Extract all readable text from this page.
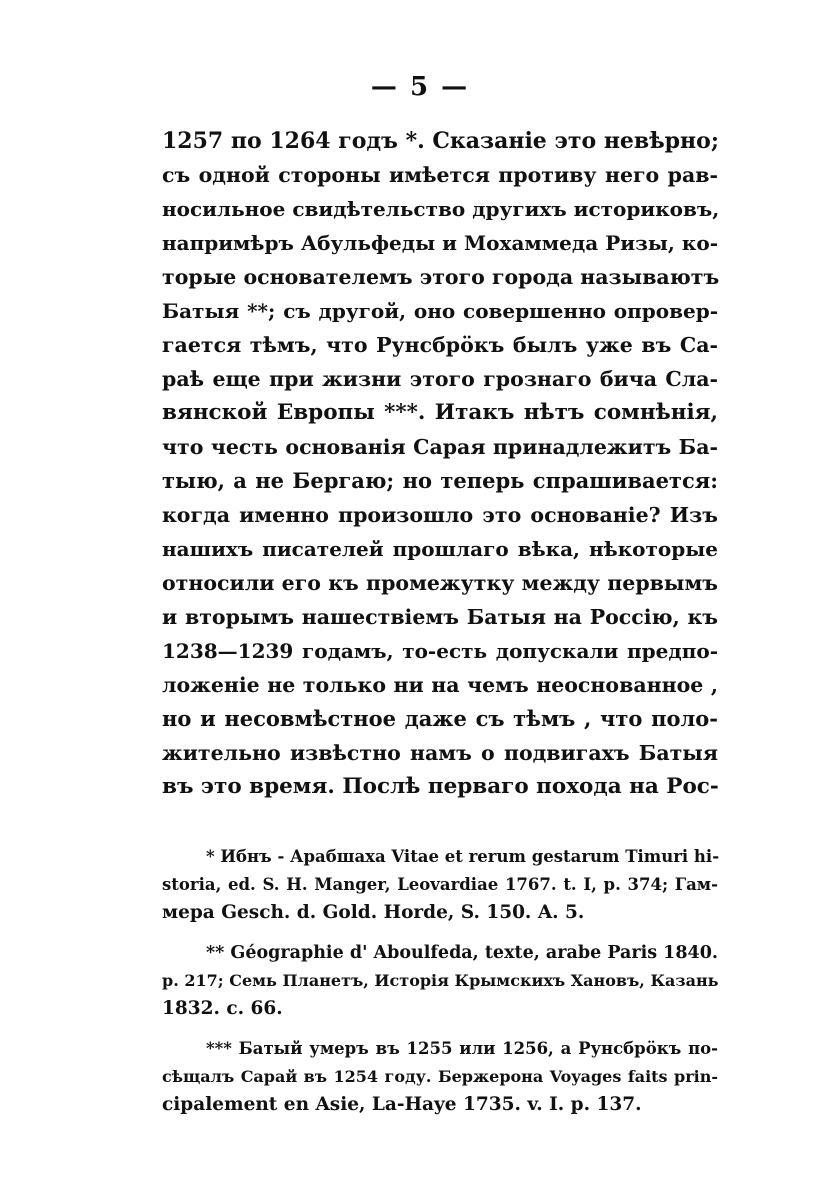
— 5 —
1257 по 1264 годъ *. Сказаніе это невѣрно;
съ одной стороны имѣется противу него рав-
носильное свидѣтельство другихъ историковъ,
напримѣръ Абульфеды и Мохаммеда Ризы, ко-
торые основателемъ этого города называютъ
Батыя **; съ другой, оно совершенно опровер-
гается тѣмъ, что Рунсбрӧкъ былъ уже въ Са-
раѣ еще при жизни этого грознаго бича Сла-
вянской Европы ***. Итакъ нѣтъ сомнѣнія,
что честь основанія Сарая принадлежитъ Ба-
тыю, а не Бергаю; но теперь спрашивается:
когда именно произошло это основаніе? Изъ
нашихъ писателей прошлаго вѣка, нѣкоторые
относили его къ промежутку между первымъ
и вторымъ нашествіемъ Батыя на Россію, къ
1238—1239 годамъ, то-есть допускали предпо-
ложеніе не только ни на чемъ неоснованное ,
но и несовмѣстное даже съ тѣмъ , что поло-
жительно извѣстно намъ о подвигахъ Батыя
въ это время. Послѣ перваго похода на Рос-
* Ибнъ - Арабшаха Vitae et rerum gestarum Timuri hi-
storia, ed. S. H. Manger, Leovardiae 1767. t. I, p. 374; Гам-
мера Gesch. d. Gold. Horde, S. 150. A. 5.
** Géographie d' Aboulfeda, texte, arabe Paris 1840.
p. 217; Семь Планетъ, Исторія Крымскихъ Хановъ, Казань
1832. с. 66.
*** Батый умеръ въ 1255 или 1256, а Рунсбрӧкъ по-
сѣщалъ Сарай въ 1254 году. Бержерона Voyages faits prin-
cipalement en Asie, La-Haye 1735. v. I. p. 137.
